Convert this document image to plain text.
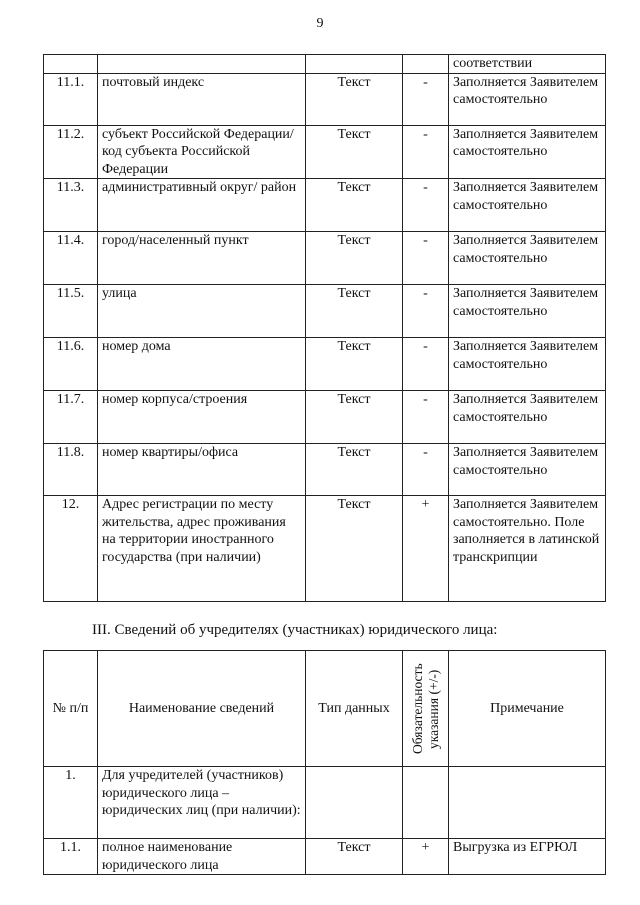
9
				соответствии
11.1.	почтовый индекс	Текст	-	Заполняется Заявителем самостоятельно
11.2.	субъект Российской Федерации/код субъекта Российской Федерации	Текст	-	Заполняется Заявителем самостоятельно
11.3.	административный округ/ район	Текст	-	Заполняется Заявителем самостоятельно
11.4.	город/населенный пункт	Текст	-	Заполняется Заявителем самостоятельно
11.5.	улица	Текст	-	Заполняется Заявителем самостоятельно
11.6.	номер дома	Текст	-	Заполняется Заявителем самостоятельно
11.7.	номер корпуса/строения	Текст	-	Заполняется Заявителем самостоятельно
11.8.	номер квартиры/офиса	Текст	-	Заполняется Заявителем самостоятельно
12.	Адрес регистрации по месту жительства, адрес проживания на территории иностранного государства (при наличии)	Текст	+	Заполняется Заявителем самостоятельно. Поле заполняется в латинской транскрипции
III. Сведений об учредителях (участниках) юридического лица:
№ п/п	Наименование сведений	Тип данных	Обязательность указания (+/-)	Примечание
1.	Для учредителей (участников) юридического лица – юридических лиц (при наличии):			
1.1.	полное наименование юридического лица	Текст	+	Выгрузка из ЕГРЮЛ
